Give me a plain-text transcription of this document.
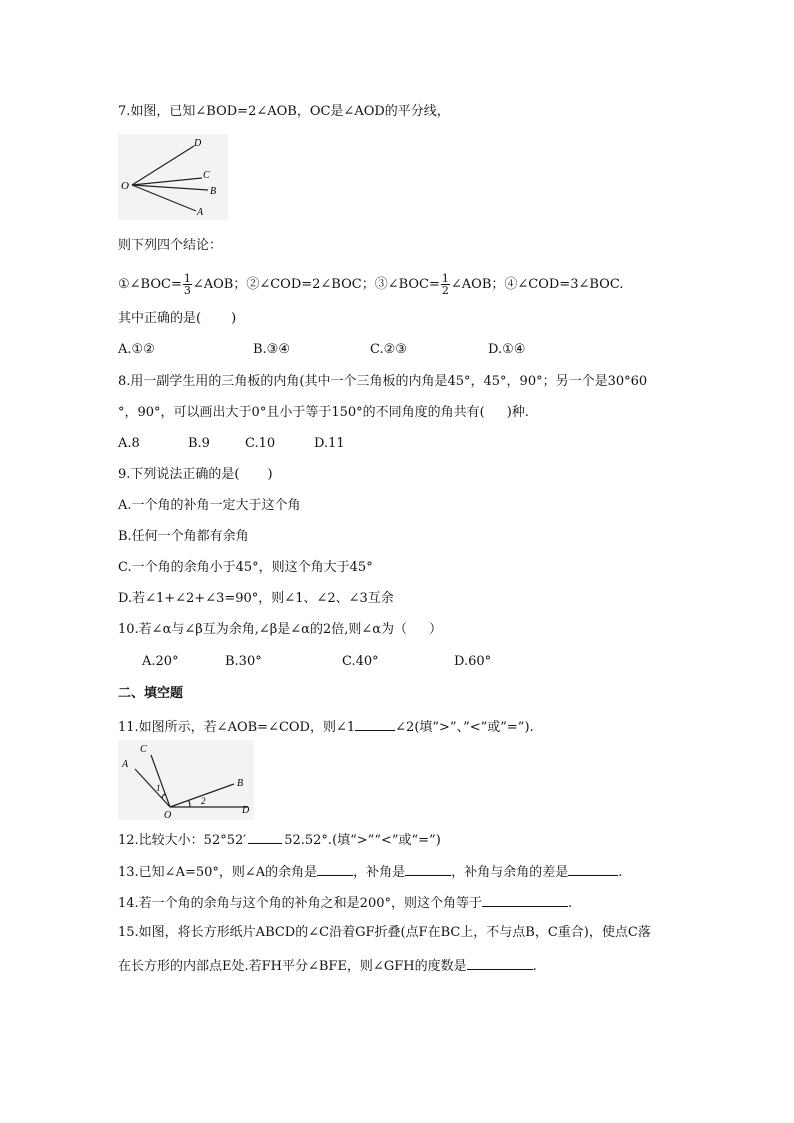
7.如图，已知∠BOD=2∠AOB，OC是∠AOD的平分线，
O
D
C
B
A
则下列四个结论：
①∠BOC= $\frac{1}{3}$ ∠AOB；②∠COD=2∠BOC；③∠BOC= $\frac{1}{2}$ ∠AOB；④∠COD=3∠BOC.
其中正确的是( )
A.①②	B.③④	C.②③	D.①④
8.用一副学生用的三角板的内角(其中一个三角板的内角是45°，45°，90°；另一个是30°60
°，90°，可以画出大于0°且小于等于150°的不同角度的角共有( )种.
A.8	B.9	C.10	D.11
9.下列说法正确的是( )
A.一个角的补角一定大于这个角
B.任何一个角都有余角
C.一个角的余角小于45°，则这个角大于45°
D.若∠1+∠2+∠3=90°，则∠1、∠2、∠3互余
10.若∠α与∠β互为余角,∠β是∠α的2倍,则∠α为（ ）
A.20°	B.30°	C.40°	D.60°
二、填空题
11.如图所示，若∠AOB=∠COD，则∠1	∠2(填”>”、”<”或”=”).
C
A
1	B
2
O	D
12.比较大小：52°52′	52.52°.(填“>”“<”或“=”)
13.已知∠A=50°，则∠A的余角是	，补角是	，补角与余角的差是	.
14.若一个角的余角与这个角的补角之和是200°，则这个角等于	.
15.如图，将长方形纸片ABCD的∠C沿着GF折叠(点F在BC上，不与点B，C重合)，使点C落
在长方形的内部点E处.若FH平分∠BFE，则∠GFH的度数是	.
